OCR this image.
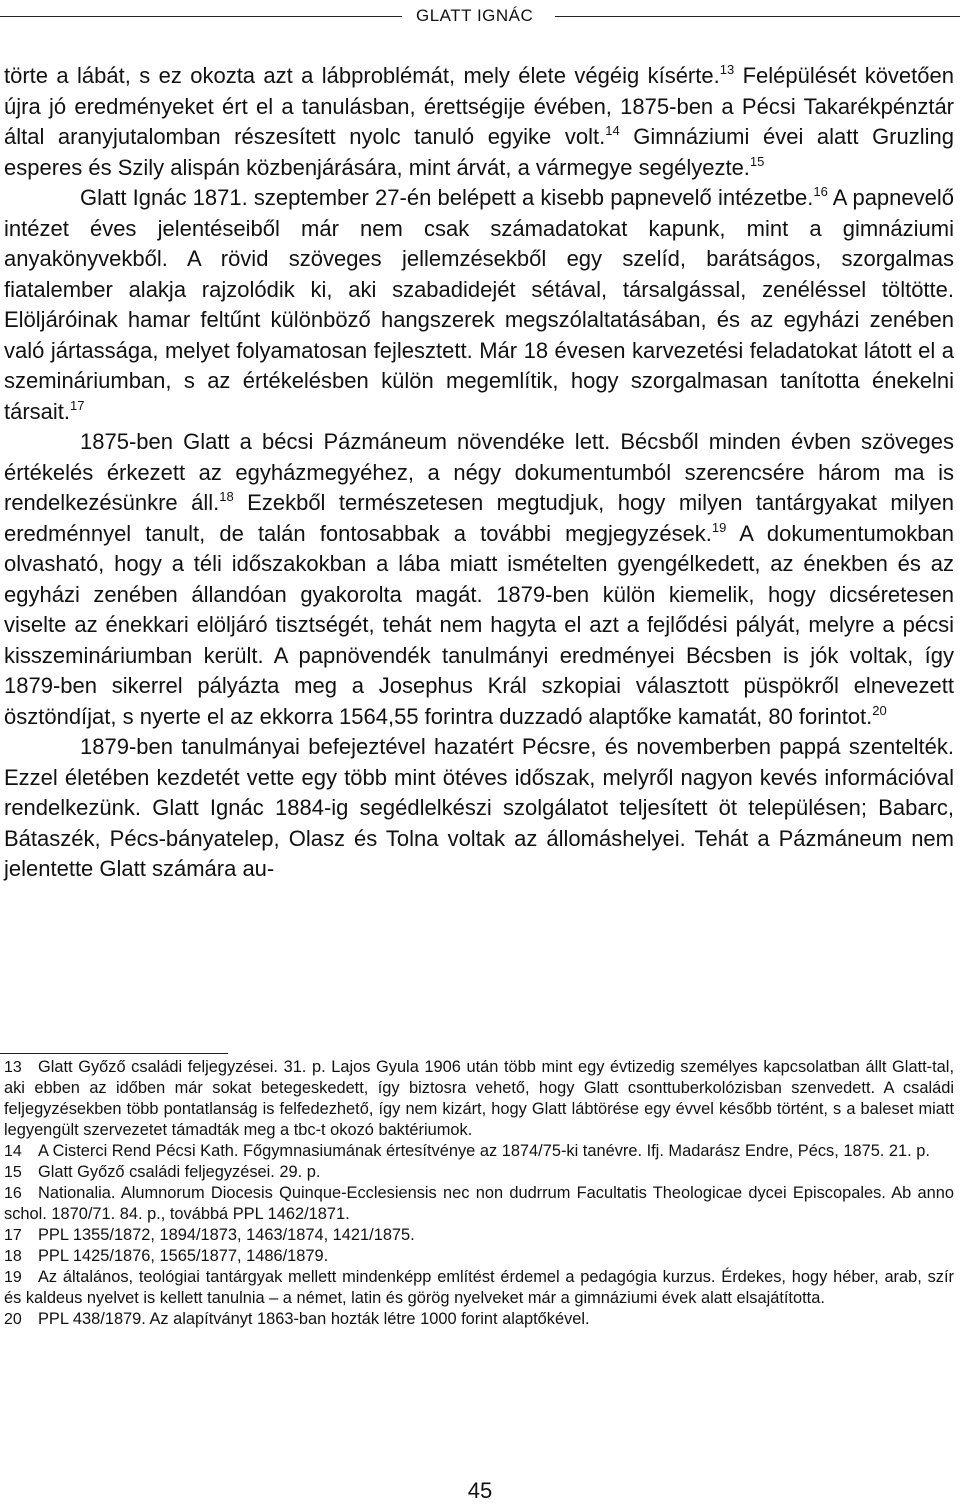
GLATT IGNÁC

törte a lábát, s ez okozta azt a lábproblémát, mely élete végéig kísérte.$^{13}$ Felépülését követően újra jó eredményeket ért el a tanulásban, érettségije évében, 1875-ben a Pécsi Takarékpénztár által aranyjutalomban részesített nyolc tanuló egyike volt.$^{14}$ Gimnáziumi évei alatt Gruzling esperes és Szily alispán közbenjárására, mint árvát, a vármegye segélyezte.$^{15}$

Glatt Ignác 1871. szeptember 27-én belépett a kisebb papnevelő intézetbe.$^{16}$ A papnevelő intézet éves jelentéseiből már nem csak számadatokat kapunk, mint a gimnáziumi anyakönyvekből. A rövid szöveges jellemzésekből egy szelíd, barátságos, szorgalmas fiatalember alakja rajzolódik ki, aki szabadidejét sétával, társalgással, zenéléssel töltötte. Elöljáróinak hamar feltűnt különböző hangszerek megszólaltatásában, és az egyházi zenében való jártassága, melyet folyamatosan fejlesztett. Már 18 évesen karvezetési feladatokat látott el a szemináriumban, s az értékelésben külön megemlítik, hogy szorgalmasan tanította énekelni társait.$^{17}$

1875-ben Glatt a bécsi Pázmáneum növendéke lett. Bécsből minden évben szöveges értékelés érkezett az egyházmegyéhez, a négy dokumentumból szerencsére három ma is rendelkezésünkre áll.$^{18}$ Ezekből természetesen megtudjuk, hogy milyen tantárgyakat milyen eredménnyel tanult, de talán fontosabbak a további megjegyzések.$^{19}$ A dokumentumokban olvasható, hogy a téli időszakokban a lába miatt ismételten gyengélkedett, az énekben és az egyházi zenében állandóan gyakorolta magát. 1879-ben külön kiemelik, hogy dicséretesen viselte az énekkari elöljáró tisztségét, tehát nem hagyta el azt a fejlődési pályát, melyre a pécsi kisszemináriumban került. A papnövendék tanulmányi eredményei Bécsben is jók voltak, így 1879-ben sikerrel pályázta meg a Josephus Král szkopiai választott püspökről elnevezett ösztöndíjat, s nyerte el az ekkorra 1564,55 forintra duzzadó alaptőke kamatát, 80 forintot.$^{20}$

1879-ben tanulmányai befejeztével hazatért Pécsre, és novemberben pappá szentelték. Ezzel életében kezdetét vette egy több mint ötéves időszak, melyről nagyon kevés információval rendelkezünk. Glatt Ignác 1884-ig segédlelkészi szolgálatot teljesített öt településen; Babarc, Bátaszék, Pécs-bányatelep, Olasz és Tolna voltak az állomáshelyei. Tehát a Pázmáneum nem jelentette Glatt számára au-

13 Glatt Győző családi feljegyzései. 31. p. Lajos Gyula 1906 után több mint egy évtizedig személyes kapcsolatban állt Glatt-tal, aki ebben az időben már sokat betegeskedett, így biztosra vehető, hogy Glatt csonttuberkolózisban szenvedett. A családi feljegyzésekben több pontatlanság is felfedezhető, így nem kizárt, hogy Glatt lábtörése egy évvel később történt, s a baleset miatt legyengült szervezetet támadták meg a tbc-t okozó baktériumok.

14 A Cisterci Rend Pécsi Kath. Főgymnasiumának értesítvénye az 1874/75-ki tanévre. Ifj. Madarász Endre, Pécs, 1875. 21. p.

15 Glatt Győző családi feljegyzései. 29. p.

16 Nationalia. Alumnorum Diocesis Quinque-Ecclesiensis nec non dudrrum Facultatis Theologicae dycei Episcopales. Ab anno schol. 1870/71. 84. p., továbbá PPL 1462/1871.

17 PPL 1355/1872, 1894/1873, 1463/1874, 1421/1875.

18 PPL 1425/1876, 1565/1877, 1486/1879.

19 Az általános, teológiai tantárgyak mellett mindenképp említést érdemel a pedagógia kurzus. Érdekes, hogy héber, arab, szír és kaldeus nyelvet is kellett tanulnia – a német, latin és görög nyelveket már a gimnáziumi évek alatt elsajátította.

20 PPL 438/1879. Az alapítványt 1863-ban hozták létre 1000 forint alaptőkével.

45
